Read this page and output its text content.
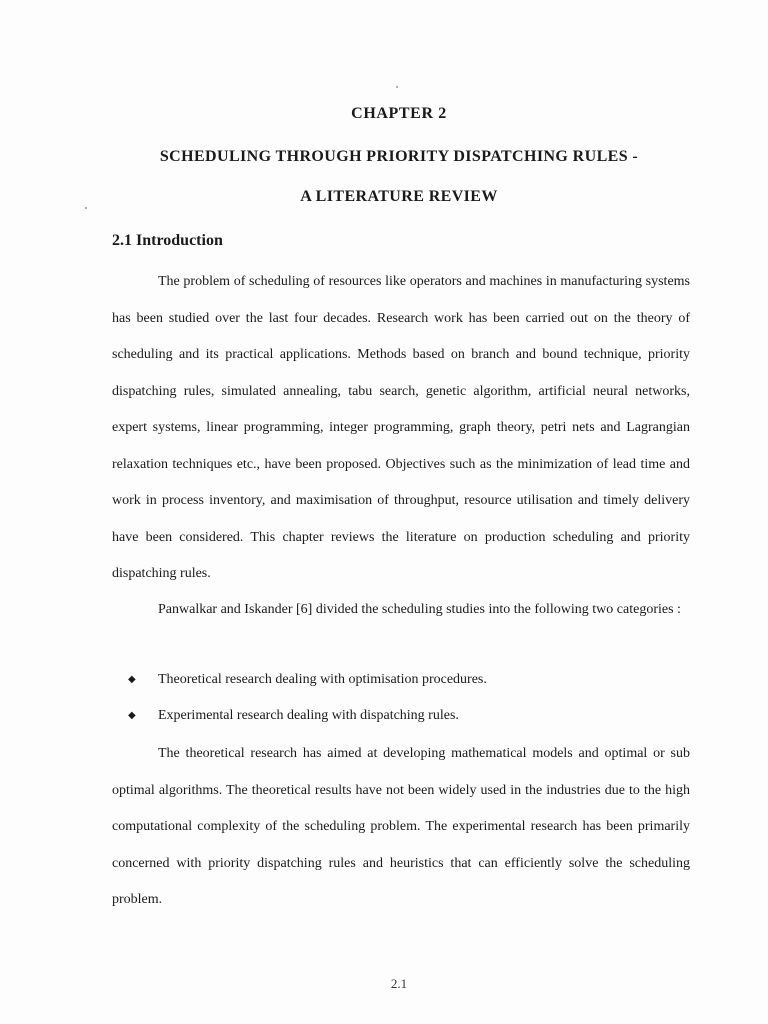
CHAPTER 2
SCHEDULING THROUGH PRIORITY DISPATCHING RULES -
A LITERATURE REVIEW
2.1 Introduction

The problem of scheduling of resources like operators and machines in manufacturing systems has been studied over the last four decades. Research work has been carried out on the theory of scheduling and its practical applications. Methods based on branch and bound technique, priority dispatching rules, simulated annealing, tabu search, genetic algorithm, artificial neural networks, expert systems, linear programming, integer programming, graph theory, petri nets and Lagrangian relaxation techniques etc., have been proposed. Objectives such as the minimization of lead time and work in process inventory, and maximisation of throughput, resource utilisation and timely delivery have been considered. This chapter reviews the literature on production scheduling and priority dispatching rules.

Panwalkar and Iskander [6] divided the scheduling studies into the following two categories :

◆ Theoretical research dealing with optimisation procedures.
◆ Experimental research dealing with dispatching rules.

The theoretical research has aimed at developing mathematical models and optimal or sub optimal algorithms. The theoretical results have not been widely used in the industries due to the high computational complexity of the scheduling problem. The experimental research has been primarily concerned with priority dispatching rules and heuristics that can efficiently solve the scheduling problem.

2.1
